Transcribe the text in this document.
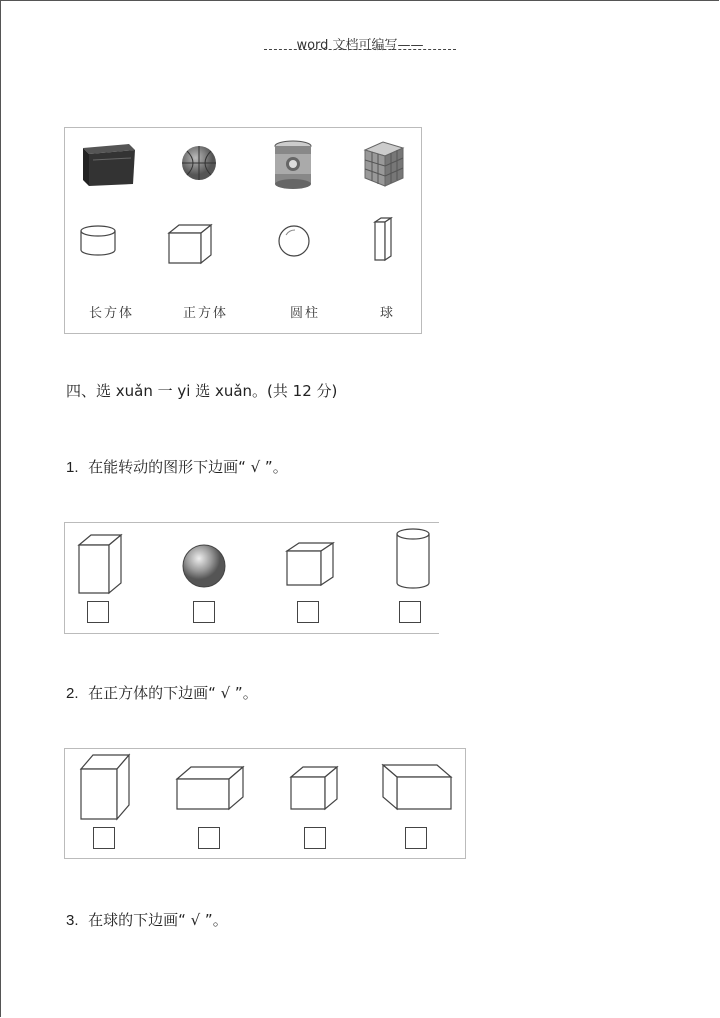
word 文档可编写——
长方体	正方体	圆柱	球
四、选 xuǎn 一 yi 选 xuǎn。(共 12 分)
1. 在能转动的图形下边画“ √ ”。
2. 在正方体的下边画“ √ ”。
3. 在球的下边画“ √ ”。
